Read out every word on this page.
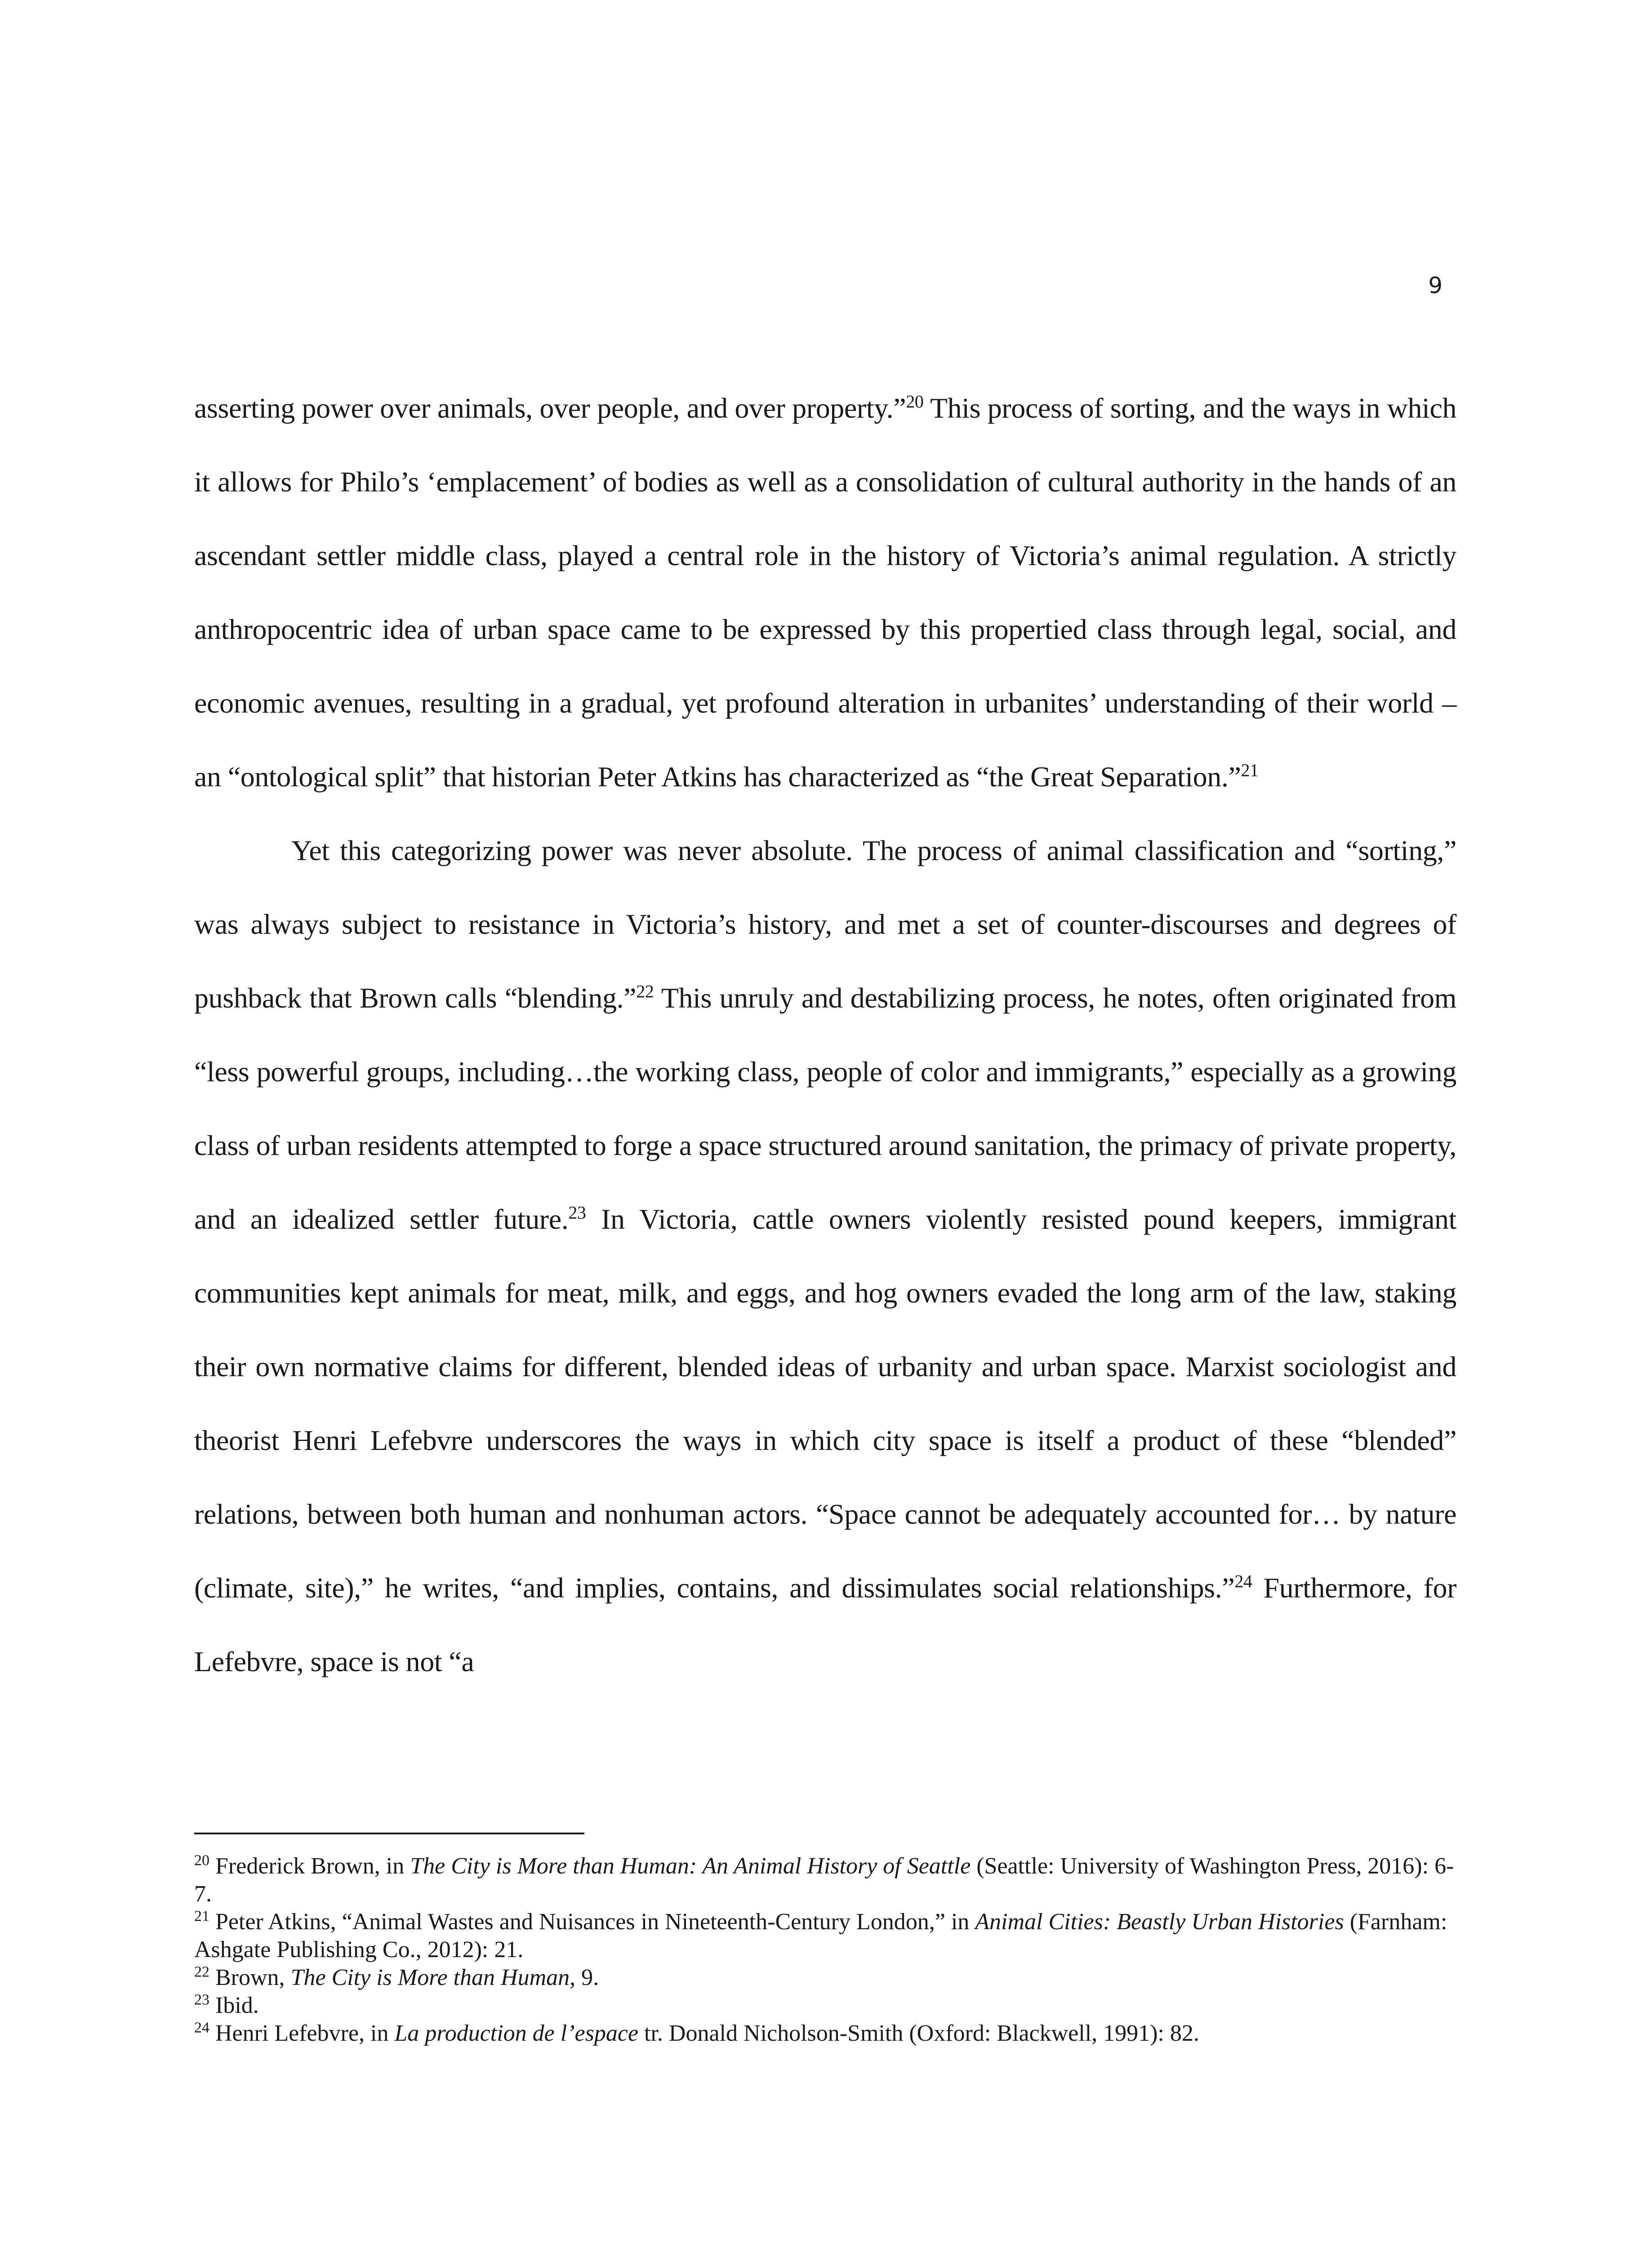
9

asserting power over animals, over people, and over property.”$^{20}$ This process of sorting, and the ways in which it allows for Philo’s ‘emplacement’ of bodies as well as a consolidation of cultural authority in the hands of an ascendant settler middle class, played a central role in the history of Victoria’s animal regulation. A strictly anthropocentric idea of urban space came to be expressed by this propertied class through legal, social, and economic avenues, resulting in a gradual, yet profound alteration in urbanites’ understanding of their world – an “ontological split” that historian Peter Atkins has characterized as “the Great Separation.”$^{21}$

Yet this categorizing power was never absolute. The process of animal classification and “sorting,” was always subject to resistance in Victoria’s history, and met a set of counter-discourses and degrees of pushback that Brown calls “blending.”$^{22}$ This unruly and destabilizing process, he notes, often originated from “less powerful groups, including…the working class, people of color and immigrants,” especially as a growing class of urban residents attempted to forge a space structured around sanitation, the primacy of private property, and an idealized settler future.$^{23}$ In Victoria, cattle owners violently resisted pound keepers, immigrant communities kept animals for meat, milk, and eggs, and hog owners evaded the long arm of the law, staking their own normative claims for different, blended ideas of urbanity and urban space. Marxist sociologist and theorist Henri Lefebvre underscores the ways in which city space is itself a product of these “blended” relations, between both human and nonhuman actors. “Space cannot be adequately accounted for… by nature (climate, site),” he writes, “and implies, contains, and dissimulates social relationships.”$^{24}$ Furthermore, for Lefebvre, space is not “a

$^{20}$ Frederick Brown, in The City is More than Human: An Animal History of Seattle (Seattle: University of Washington Press, 2016): 6-7.

$^{21}$ Peter Atkins, “Animal Wastes and Nuisances in Nineteenth-Century London,” in Animal Cities: Beastly Urban Histories (Farnham: Ashgate Publishing Co., 2012): 21.

$^{22}$ Brown, The City is More than Human, 9.

$^{23}$ Ibid.

$^{24}$ Henri Lefebvre, in La production de l’espace tr. Donald Nicholson-Smith (Oxford: Blackwell, 1991): 82.
